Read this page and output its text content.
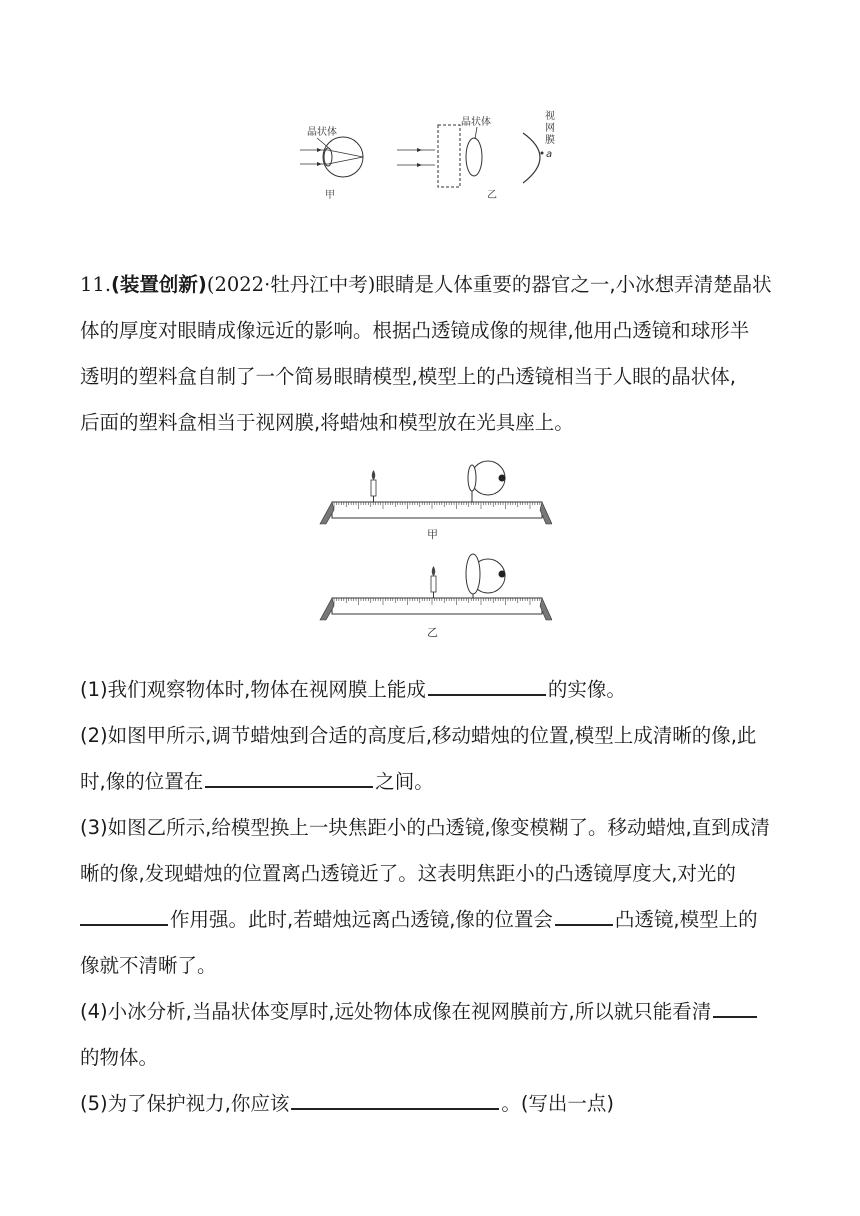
晶状体
甲
晶状体
视
网
膜
a
乙
11.(装置创新)(2022·牡丹江中考)眼睛是人体重要的器官之一,小冰想弄清楚晶状
体的厚度对眼睛成像远近的影响。根据凸透镜成像的规律,他用凸透镜和球形半
透明的塑料盒自制了一个简易眼睛模型,模型上的凸透镜相当于人眼的晶状体,
后面的塑料盒相当于视网膜,将蜡烛和模型放在光具座上。
甲
乙
(1)我们观察物体时,物体在视网膜上能成	的实像。
(2)如图甲所示,调节蜡烛到合适的高度后,移动蜡烛的位置,模型上成清晰的像,此
时,像的位置在	之间。
(3)如图乙所示,给模型换上一块焦距小的凸透镜,像变模糊了。移动蜡烛,直到成清
晰的像,发现蜡烛的位置离凸透镜近了。这表明焦距小的凸透镜厚度大,对光的
作用强。此时,若蜡烛远离凸透镜,像的位置会	凸透镜,模型上的
像就不清晰了。
(4)小冰分析,当晶状体变厚时,远处物体成像在视网膜前方,所以就只能看清
的物体。
(5)为了保护视力,你应该	。(写出一点)
